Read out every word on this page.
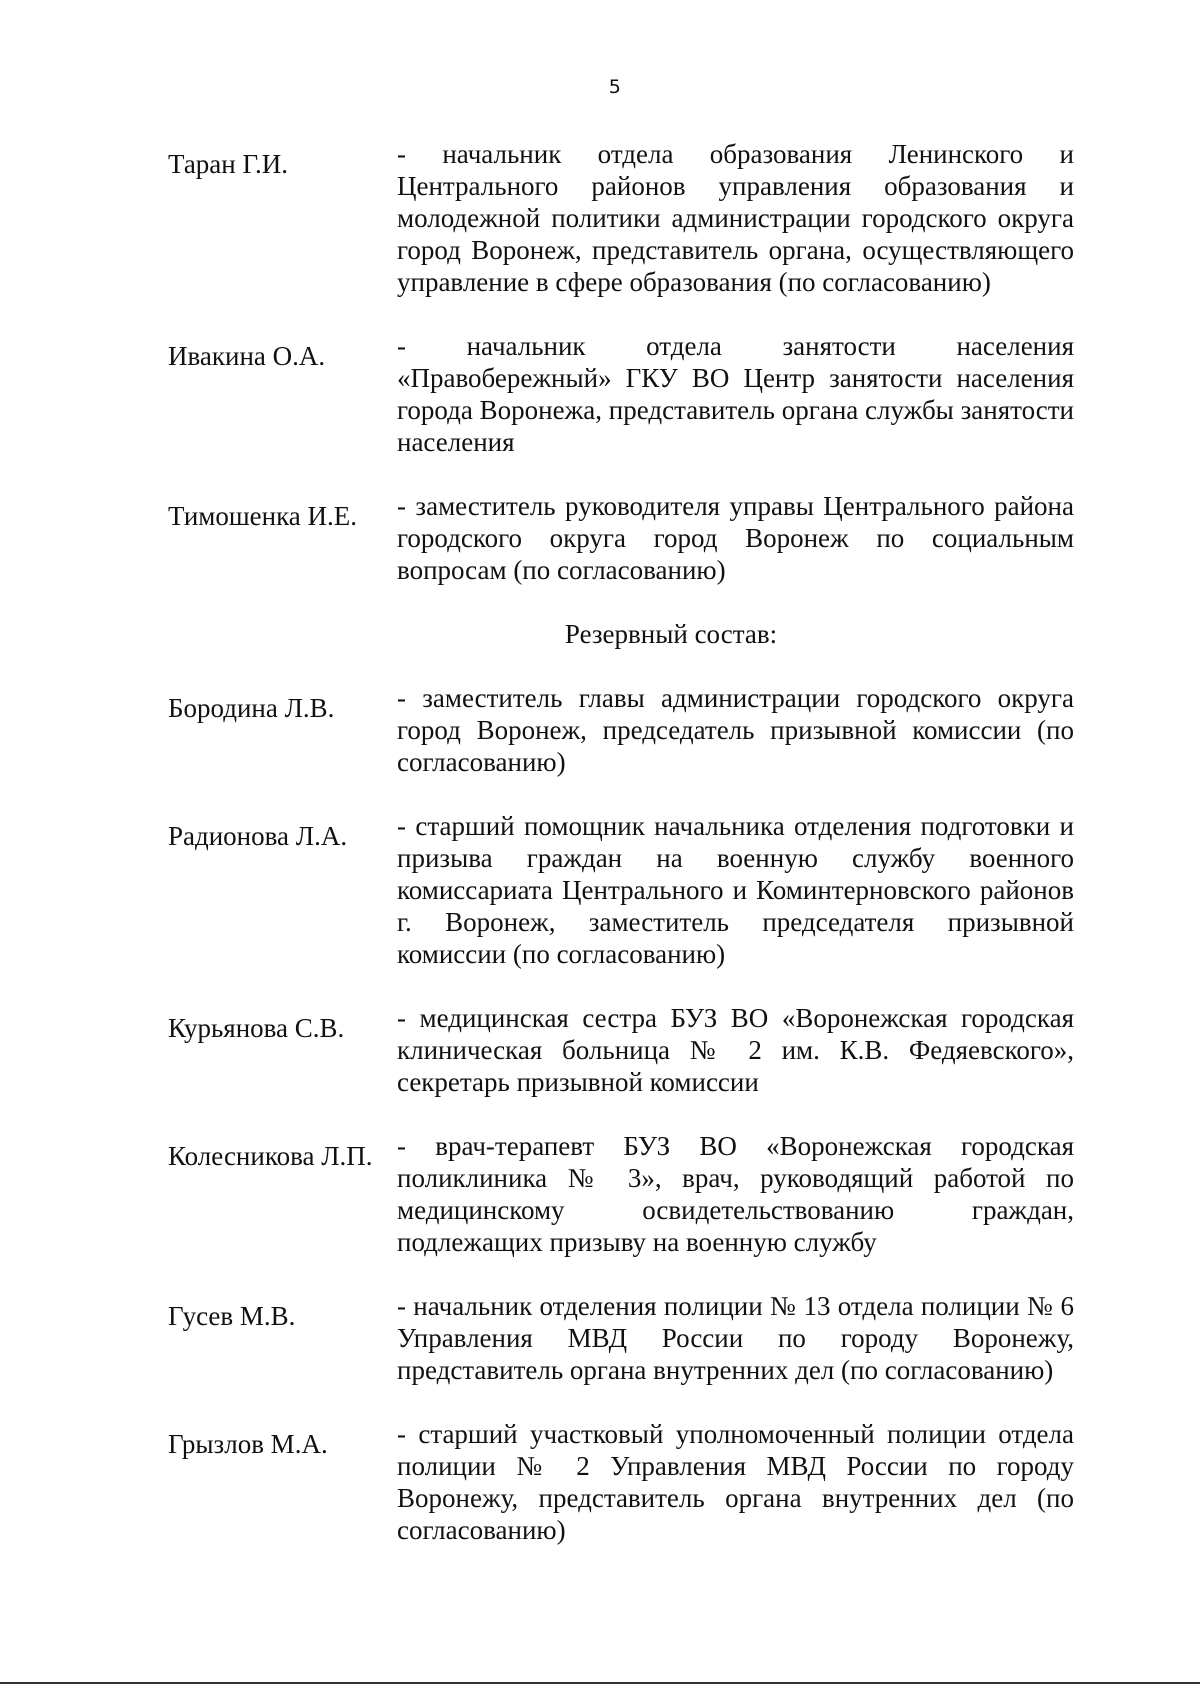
5
Таран Г.И.	- начальник отдела образования Ленинского и Центрального районов управления образования и молодежной политики администрации городского округа город Воронеж, представитель органа, осуществляющего управление в сфере образования (по согласованию)
Ивакина О.А.	- начальник отдела занятости населения «Правобережный» ГКУ ВО Центр занятости населения города Воронежа, представитель органа службы занятости населения
Тимошенка И.Е.	- заместитель руководителя управы Центрального района городского округа город Воронеж по социальным вопросам (по согласованию)
Резервный состав:
Бородина Л.В.	- заместитель главы администрации городского округа город Воронеж, председатель призывной комиссии (по согласованию)
Радионова Л.А.	- старший помощник начальника отделения подготовки и призыва граждан на военную службу военного комиссариата Центрального и Коминтерновского районов г. Воронеж, заместитель председателя призывной комиссии (по согласованию)
Курьянова С.В.	- медицинская сестра БУЗ ВО «Воронежская городская клиническая больница № 2 им. К.В. Федяевского», секретарь призывной комиссии
Колесникова Л.П. - врач-терапевт БУЗ ВО «Воронежская городская поликлиника № 3», врач, руководящий работой по медицинскому освидетельствованию граждан, подлежащих призыву на военную службу
Гусев М.В.	- начальник отделения полиции № 13 отдела полиции № 6 Управления МВД России по городу Воронежу, представитель органа внутренних дел (по согласованию)
Грызлов М.А.	- старший участковый уполномоченный полиции отдела полиции № 2 Управления МВД России по городу Воронежу, представитель органа внутренних дел (по согласованию)
